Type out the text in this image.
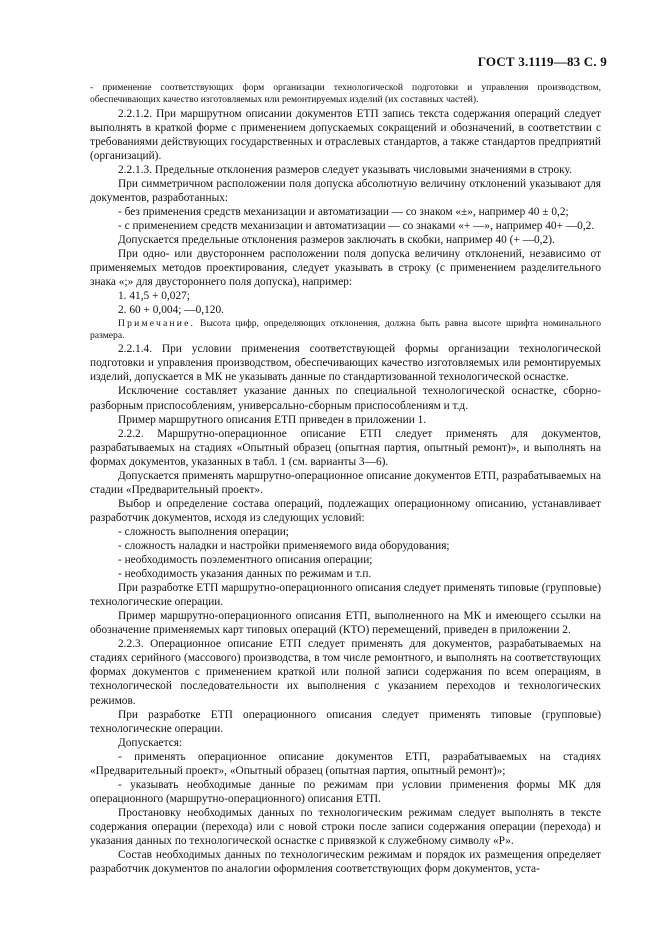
ГОСТ 3.1119—83 С. 9

- применение соответствующих форм организации технологической подготовки и управления производством, обеспечивающих качество изготовляемых или ремонтируемых изделий (их составных частей).

2.2.1.2. При маршрутном описании документов ЕТП запись текста содержания операций следует выполнять в краткой форме с применением допускаемых сокращений и обозначений, в соответствии с требованиями действующих государственных и отраслевых стандартов, а также стандартов предприятий (организаций).

2.2.1.3. Предельные отклонения размеров следует указывать числовыми значениями в строку.

При симметричном расположении поля допуска абсолютную величину отклонений указывают для документов, разработанных:

- без применения средств механизации и автоматизации — со знаком «±», например 40 ± 0,2;

- с применением средств механизации и автоматизации — со знаками «+ —», например 40+ —0,2.

Допускается предельные отклонения размеров заключать в скобки, например 40 (+ —0,2).

При одно- или двустороннем расположении поля допуска величину отклонений, независимо от применяемых методов проектирования, следует указывать в строку (с применением разделительного знака «;» для двустороннего поля допуска), например:

1. 41,5 + 0,027;

2. 60 + 0,004; —0,120.

Примечание. Высота цифр, определяющих отклонения, должна быть равна высоте шрифта номинального размера.

2.2.1.4. При условии применения соответствующей формы организации технологической подготовки и управления производством, обеспечивающих качество изготовляемых или ремонтируемых изделий, допускается в МК не указывать данные по стандартизованной технологической оснастке.

Исключение составляет указание данных по специальной технологической оснастке, сборно-разборным приспособлениям, универсально-сборным приспособлениям и т.д.

Пример маршрутного описания ЕТП приведен в приложении 1.

2.2.2. Маршрутно-операционное описание ЕТП следует применять для документов, разрабатываемых на стадиях «Опытный образец (опытная партия, опытный ремонт)», и выполнять на формах документов, указанных в табл. 1 (см. варианты 3—6).

Допускается применять маршрутно-операционное описание документов ЕТП, разрабатываемых на стадии «Предварительный проект».

Выбор и определение состава операций, подлежащих операционному описанию, устанавливает разработчик документов, исходя из следующих условий:

- сложность выполнения операции;

- сложность наладки и настройки применяемого вида оборудования;

- необходимость поэлементного описания операции;

- необходимость указания данных по режимам и т.п.

При разработке ЕТП маршрутно-операционного описания следует применять типовые (групповые) технологические операции.

Пример маршрутно-операционного описания ЕТП, выполненного на МК и имеющего ссылки на обозначение применяемых карт типовых операций (КТО) перемещений, приведен в приложении 2.

2.2.3. Операционное описание ЕТП следует применять для документов, разрабатываемых на стадиях серийного (массового) производства, в том числе ремонтного, и выполнять на соответствующих формах документов с применением краткой или полной записи содержания по всем операциям, в технологической последовательности их выполнения с указанием переходов и технологических режимов.

При разработке ЕТП операционного описания следует применять типовые (групповые) технологические операции.

Допускается:

- применять операционное описание документов ЕТП, разрабатываемых на стадиях «Предварительный проект», «Опытный образец (опытная партия, опытный ремонт)»;

- указывать необходимые данные по режимам при условии применения формы МК для операционного (маршрутно-операционного) описания ЕТП.

Простановку необходимых данных по технологическим режимам следует выполнять в тексте содержания операции (перехода) или с новой строки после записи содержания операции (перехода) и указания данных по технологической оснастке с привязкой к служебному символу «Р».

Состав необходимых данных по технологическим режимам и порядок их размещения определяет разработчик документов по аналогии оформления соответствующих форм документов, уста-
